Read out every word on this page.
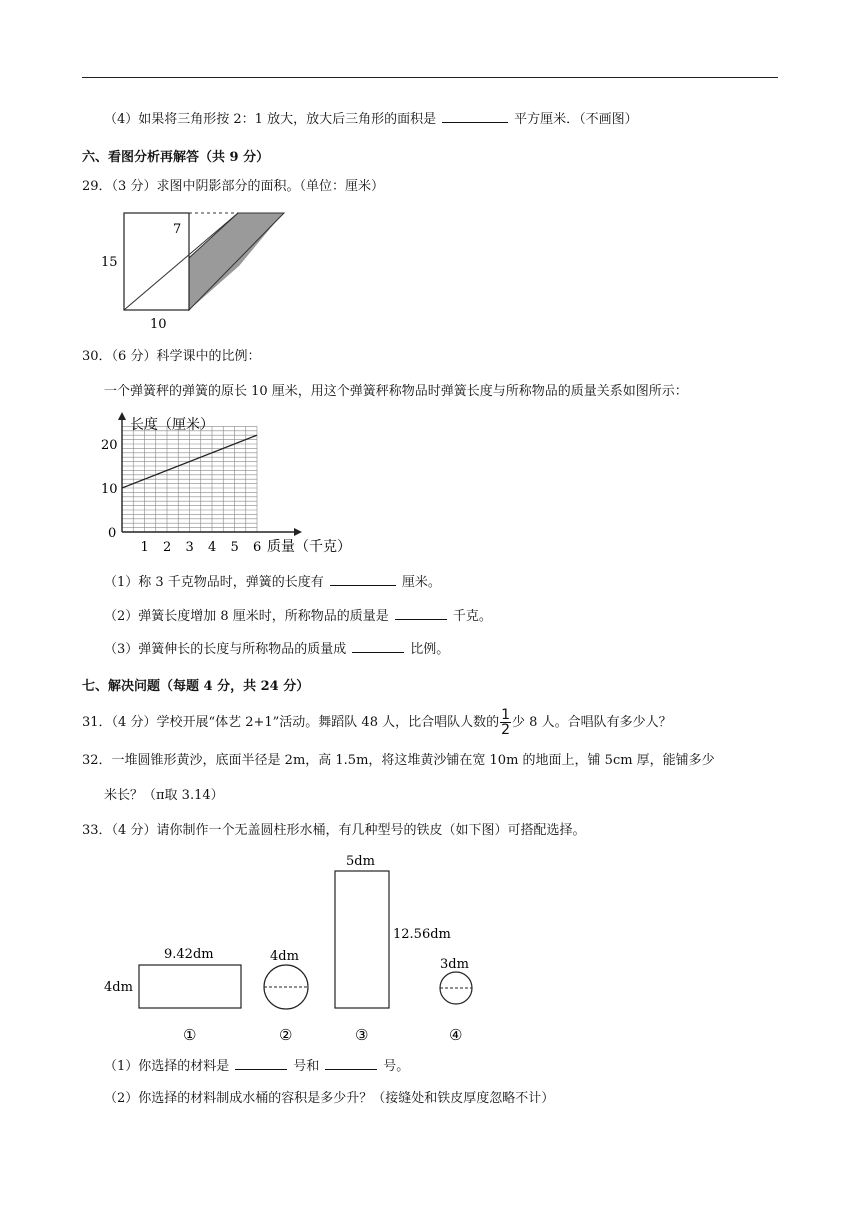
（4）如果将三角形按 2：1 放大，放大后三角形的面积是	平方厘米．（不画图）
六、看图分析再解答（共 9 分）
29．（3 分）求图中阴影部分的面积。（单位：厘米）
7
15
10
30．（6 分）科学课中的比例：
一个弹簧秤的弹簧的原长 10 厘米，用这个弹簧秤称物品时弹簧长度与所称物品的质量关系如图所示：
长度（厘米）
质量（千克）
1 2 3 4 5 6
0
10
20
（1）称 3 千克物品时，弹簧的长度有	厘米。
（2）弹簧长度增加 8 厘米时，所称物品的质量是	千克。
（3）弹簧伸长的长度与所称物品的质量成	比例。
七、解决问题（每题 4 分，共 24 分）
31．（4 分）学校开展“体艺 2+1”活动。舞蹈队 48 人，比合唱队人数的 $\frac{1}{2}$ 少 8 人。合唱队有多少人？
32．一堆圆锥形黄沙，底面半径是 2m，高 1.5m，将这堆黄沙铺在宽 10m 的地面上，铺 5cm 厚，能铺多少
米长？（π取 3.14）
33．（4 分）请你制作一个无盖圆柱形水桶，有几种型号的铁皮（如下图）可搭配选择。
9.42dm
4dm
①
4dm
②
5dm
12.56dm
③
3dm
④
（1）你选择的材料是	号和	号。
（2）你选择的材料制成水桶的容积是多少升？（接缝处和铁皮厚度忽略不计）
